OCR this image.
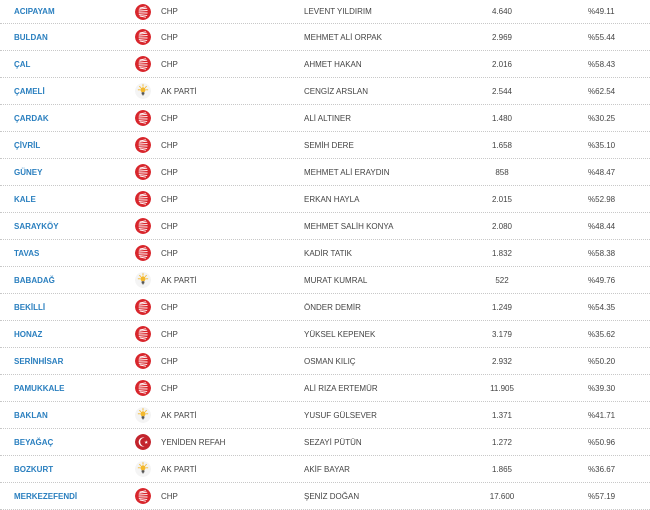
ACIPAYAM	CHP	LEVENT YILDIRIM	4.640	%49.11
BULDAN	CHP	MEHMET ALİ ORPAK	2.969	%55.44
ÇAL	CHP	AHMET HAKAN	2.016	%58.43
ÇAMELİ	AK PARTİ	CENGİZ ARSLAN	2.544	%62.54
ÇARDAK	CHP	ALİ ALTINER	1.480	%30.25
ÇİVRİL	CHP	SEMİH DERE	1.658	%35.10
GÜNEY	CHP	MEHMET ALİ ERAYDIN	858	%48.47
KALE	CHP	ERKAN HAYLA	2.015	%52.98
SARAYKÖY	CHP	MEHMET SALİH KONYA	2.080	%48.44
TAVAS	CHP	KADİR TATIK	1.832	%58.38
BABADAĞ	AK PARTİ	MURAT KUMRAL	522	%49.76
BEKİLLİ	CHP	ÖNDER DEMİR	1.249	%54.35
HONAZ	CHP	YÜKSEL KEPENEK	3.179	%35.62
SERİNHİSAR	CHP	OSMAN KILIÇ	2.932	%50.20
PAMUKKALE	CHP	ALİ RIZA ERTEMÜR	11.905	%39.30
BAKLAN	AK PARTİ	YUSUF GÜLSEVER	1.371	%41.71
BEYAĞAÇ	YENİDEN REFAH	SEZAYİ PÜTÜN	1.272	%50.96
BOZKURT	AK PARTİ	AKİF BAYAR	1.865	%36.67
MERKEZEFENDİ	CHP	ŞENİZ DOĞAN	17.600	%57.19
